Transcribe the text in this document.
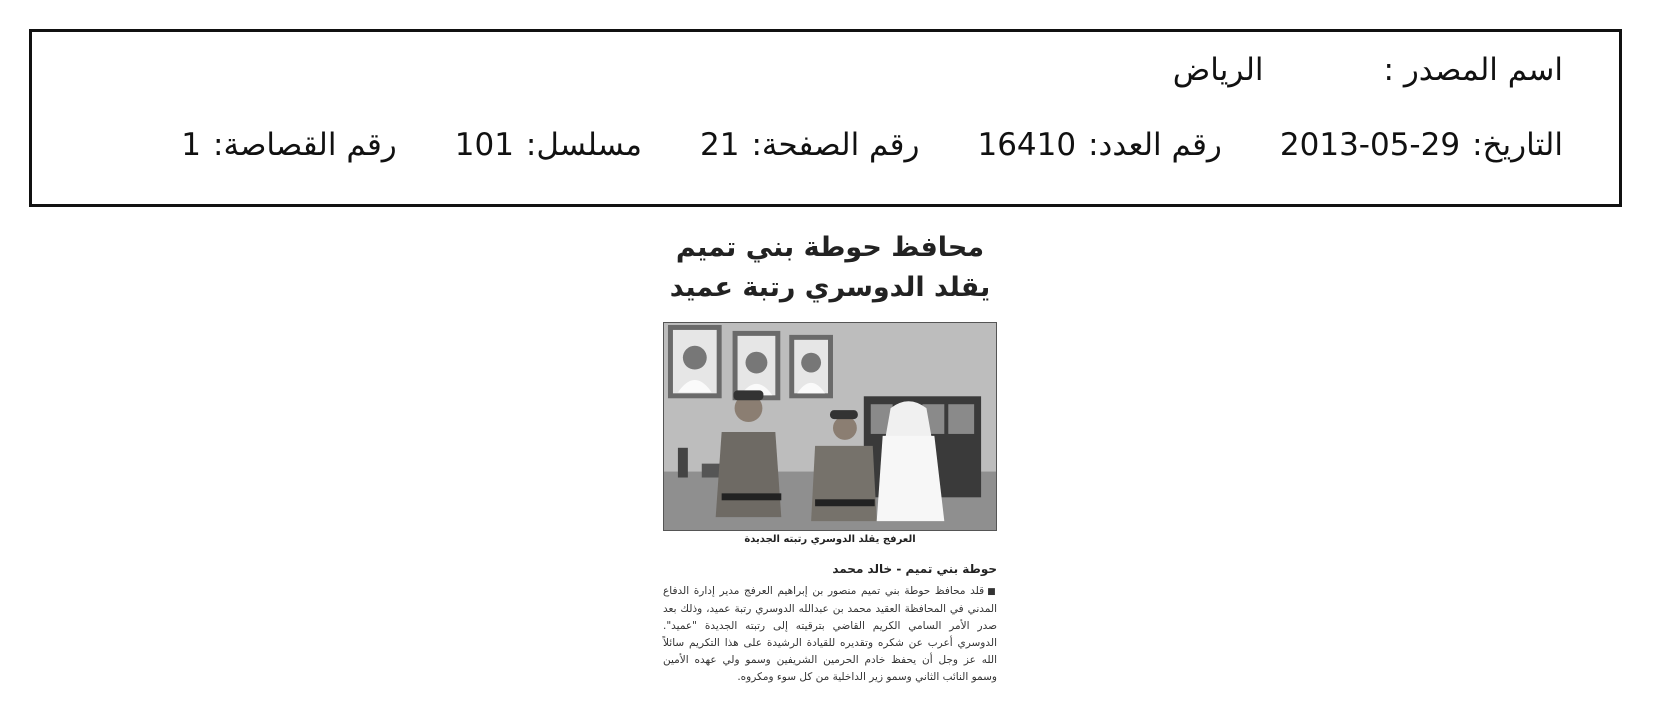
اسم المصدر :
الرياض
التاريخ:
2013-05-29
رقم العدد:
16410
رقم الصفحة:
21
مسلسل:
101
رقم القصاصة:
1

محافظ حوطة بني تميم

يقلد الدوسري رتبة عميد

العرفج يقلد الدوسري رتبته الجديدة
حوطة بني تميم - خالد محمد

■قلد محافظ حوطة بني تميم منصور بن إبراهيم العرفج مدير إدارة الدفاع المدني في المحافظة العقيد محمد بن عبدالله الدوسري رتبة عميد، وذلك بعد صدر الأمر السامي الكريم القاضي بترقيته إلى رتبته الجديدة "عميد". الدوسري أعرب عن شكره وتقديره للقيادة الرشيدة على هذا التكريم سائلاً الله عز وجل أن يحفظ خادم الحرمين الشريفين وسمو ولي عهده الأمين وسمو النائب الثاني وسمو زير الداخلية من كل سوء ومكروه.
